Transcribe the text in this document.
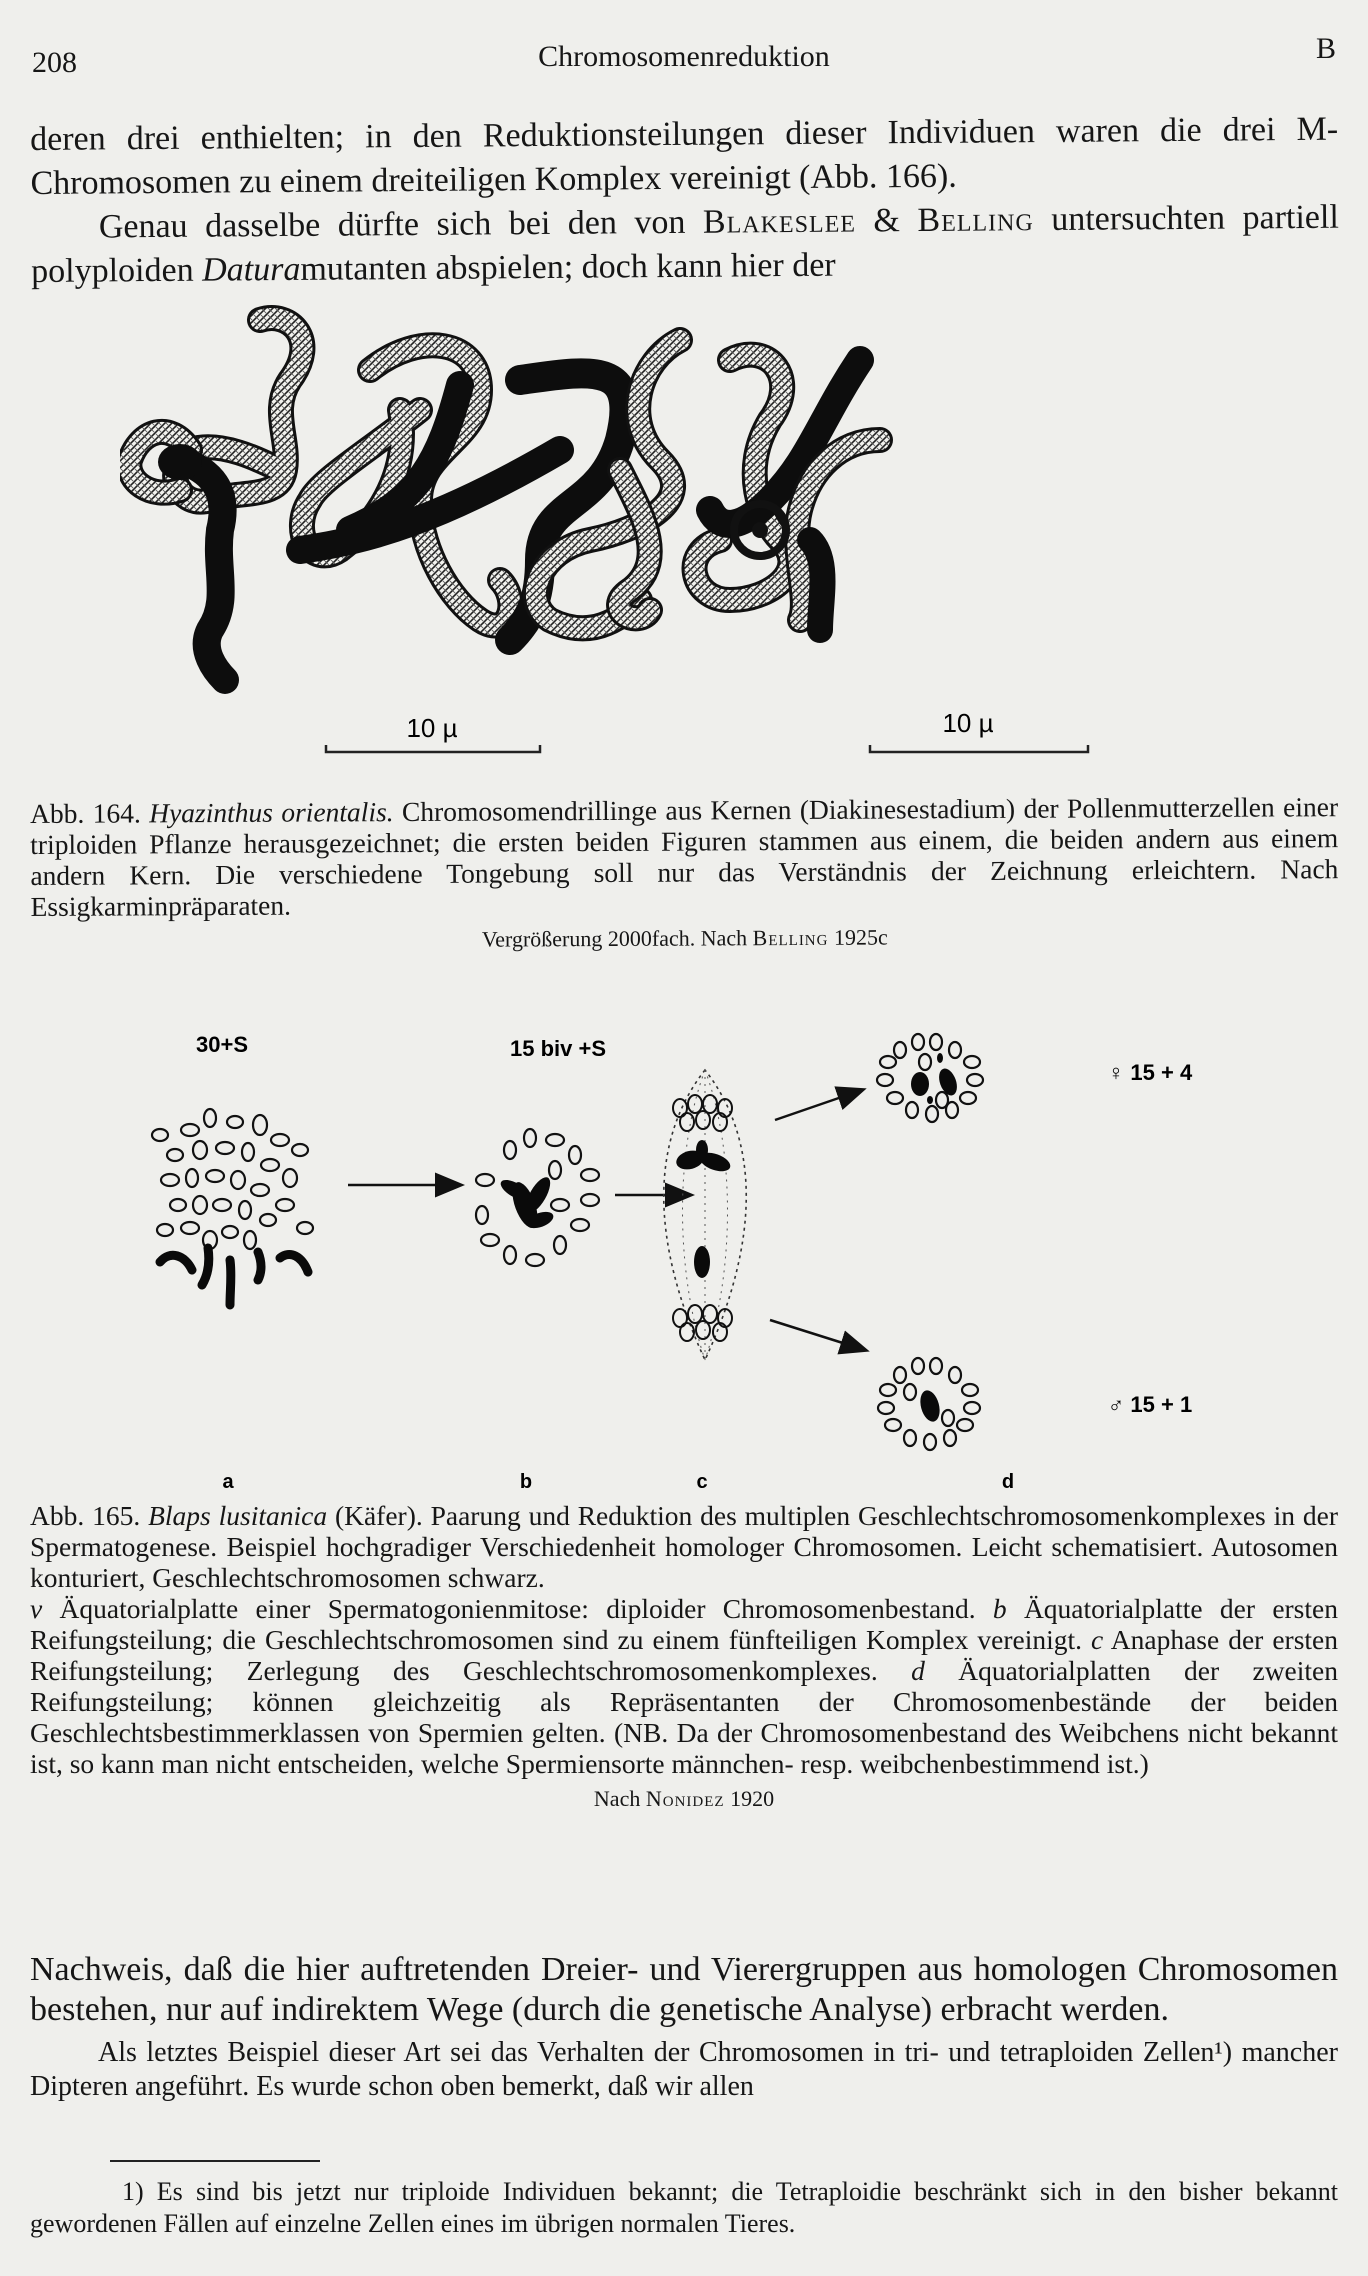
208	Chromosomenreduktion	B

deren drei enthielten; in den Reduktionsteilungen dieser Individuen waren die drei M-Chromosomen zu einem dreiteiligen Komplex vereinigt (Abb. 166).

Genau dasselbe dürfte sich bei den von Blakeslee & Belling untersuchten partiell polyploiden Daturamutanten abspielen; doch kann hier der

10 µ	10 µ
Abb. 164. Hyazinthus orientalis. Chromosomendrillinge aus Kernen (Diakinesestadium) der Pollenmutterzellen einer triploiden Pflanze herausgezeichnet; die ersten beiden Figuren stammen aus einem, die beiden andern aus einem andern Kern. Die verschiedene Tongebung soll nur das Verständnis der Zeichnung erleichtern. Nach Essigkarminpräparaten.
Vergrößerung 2000fach. Nach Belling 1925c
30+S	15 biv +S
♀ 15 + 4
♂ 15 + 1
a	b	c	d

Abb. 165. Blaps lusitanica (Käfer). Paarung und Reduktion des multiplen Geschlechtschromosomenkomplexes in der Spermatogenese. Beispiel hochgradiger Verschiedenheit homologer Chromosomen. Leicht schematisiert. Autosomen konturiert, Geschlechtschromosomen schwarz.

v Äquatorialplatte einer Spermatogonienmitose: diploider Chromosomenbestand. b Äquatorialplatte der ersten Reifungsteilung; die Geschlechtschromosomen sind zu einem fünfteiligen Komplex vereinigt. c Anaphase der ersten Reifungsteilung; Zerlegung des Geschlechtschromosomenkomplexes. d Äquatorialplatten der zweiten Reifungsteilung; können gleichzeitig als Repräsentanten der Chromosomenbestände der beiden Geschlechtsbestimmerklassen von Spermien gelten. (NB. Da der Chromosomenbestand des Weibchens nicht bekannt ist, so kann man nicht entscheiden, welche Spermiensorte männchen- resp. weibchenbestimmend ist.)

Nach Nonidez 1920

Nachweis, daß die hier auftretenden Dreier- und Vierergruppen aus homologen Chromosomen bestehen, nur auf indirektem Wege (durch die genetische Analyse) erbracht werden.

Als letztes Beispiel dieser Art sei das Verhalten der Chromosomen in tri- und tetraploiden Zellen¹) mancher Dipteren angeführt. Es wurde schon oben bemerkt, daß wir allen

1) Es sind bis jetzt nur triploide Individuen bekannt; die Tetraploidie beschränkt sich in den bisher bekannt gewordenen Fällen auf einzelne Zellen eines im übrigen normalen Tieres.
